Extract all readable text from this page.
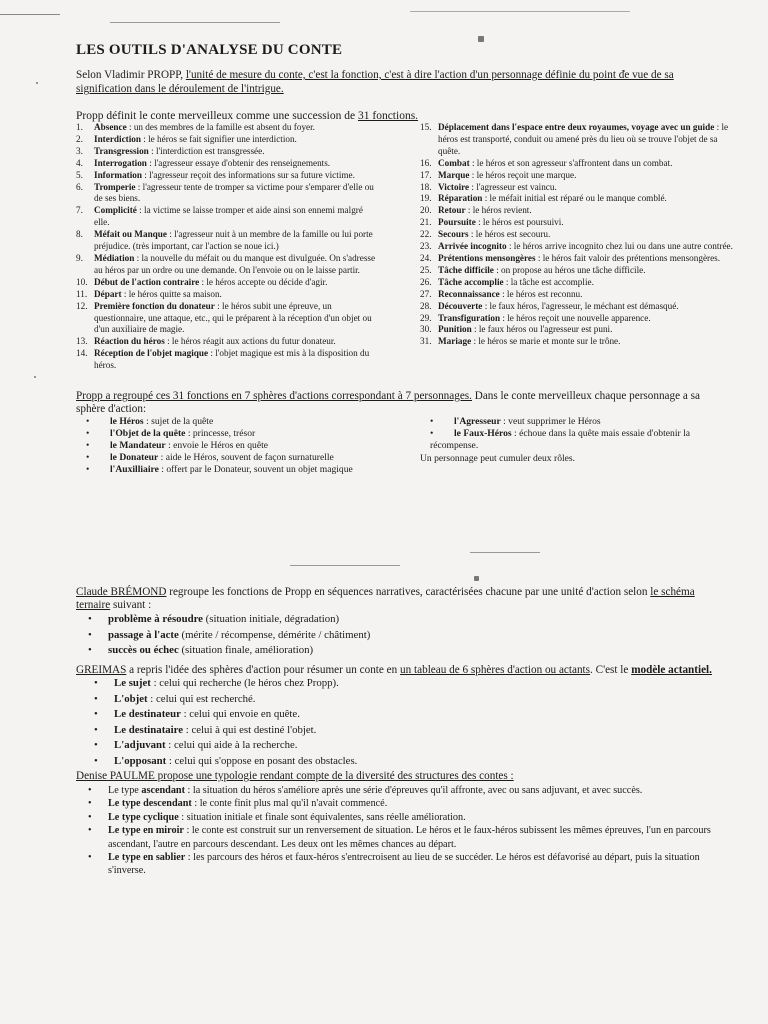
LES OUTILS D'ANALYSE DU CONTE
Selon Vladimir PROPP, l'unité de mesure du conte, c'est la fonction, c'est à dire l'action d'un personnage définie du point de vue de sa signification dans le déroulement de l'intrigue.
Propp définit le conte merveilleux comme une succession de 31 fonctions.
1.	Absence : un des membres de la famille est absent du foyer.
2.	Interdiction : le héros se fait signifier une interdiction.
3.	Transgression : l'interdiction est transgressée.
4.	Interrogation : l'agresseur essaye d'obtenir des renseignements.
5.	Information : l'agresseur reçoit des informations sur sa future victime.
6.	Tromperie : l'agresseur tente de tromper sa victime pour s'emparer d'elle ou de ses biens.
7.	Complicité : la victime se laisse tromper et aide ainsi son ennemi malgré elle.
8.	Méfait ou Manque : l'agresseur nuit à un membre de la famille ou lui porte préjudice. (très important, car l'action se noue ici.)
9.	Médiation : la nouvelle du méfait ou du manque est divulguée. On s'adresse au héros par un ordre ou une demande. On l'envoie ou on le laisse partir.
10. Début de l'action contraire : le héros accepte ou décide d'agir.
11. Départ : le héros quitte sa maison.
12. Première fonction du donateur : le héros subit une épreuve, un questionnaire, une attaque, etc., qui le préparent à la réception d'un objet ou d'un auxiliaire de magie.
13. Réaction du héros : le héros réagit aux actions du futur donateur.
14. Réception de l'objet magique : l'objet magique est mis à la disposition du héros.
15. Déplacement dans l'espace entre deux royaumes, voyage avec un guide : le héros est transporté, conduit ou amené près du lieu où se trouve l'objet de sa quête.
16. Combat : le héros et son agresseur s'affrontent dans un combat.
17. Marque : le héros reçoit une marque.
18. Victoire : l'agresseur est vaincu.
19. Réparation : le méfait initial est réparé ou le manque comblé.
20. Retour : le héros revient.
21. Poursuite : le héros est poursuivi.
22. Secours : le héros est secouru.
23. Arrivée incognito : le héros arrive incognito chez lui ou dans une autre contrée.
24. Prétentions mensongères : le héros fait valoir des prétentions mensongères.
25. Tâche difficile : on propose au héros une tâche difficile.
26. Tâche accomplie : la tâche est accomplie.
27. Reconnaissance : le héros est reconnu.
28. Découverte : le faux héros, l'agresseur, le méchant est démasqué.
29. Transfiguration : le héros reçoit une nouvelle apparence.
30. Punition : le faux héros ou l'agresseur est puni.
31. Mariage : le héros se marie et monte sur le trône.
Propp a regroupé ces 31 fonctions en 7 sphères d'actions correspondant à 7 personnages. Dans le conte merveilleux chaque personnage a sa sphère d'action:
• le Héros : sujet de la quête
• l'Objet de la quête : princesse, trésor
• le Mandateur : envoie le Héros en quête
• le Donateur : aide le Héros, souvent de façon surnaturelle
• l'Auxilliaire : offert par le Donateur, souvent un objet magique
• l'Agresseur : veut supprimer le Héros
• le Faux-Héros : échoue dans la quête mais essaie d'obtenir la récompense.
Un personnage peut cumuler deux rôles.
Claude BRÉMOND regroupe les fonctions de Propp en séquences narratives, caractérisées chacune par une unité d'action selon le schéma ternaire suivant :
• problème à résoudre (situation initiale, dégradation)
• passage à l'acte (mérite / récompense, démérite / châtiment)
• succès ou échec (situation finale, amélioration)
GREIMAS a repris l'idée des sphères d'action pour résumer un conte en un tableau de 6 sphères d'action ou actants. C'est le modèle actantiel.
• Le sujet : celui qui recherche (le héros chez Propp).
• L'objet : celui qui est recherché.
• Le destinateur : celui qui envoie en quête.
• Le destinataire : celui à qui est destiné l'objet.
• L'adjuvant : celui qui aide à la recherche.
• L'opposant : celui qui s'oppose en posant des obstacles.
Denise PAULME propose une typologie rendant compte de la diversité des structures des contes :
• Le type ascendant : la situation du héros s'améliore après une série d'épreuves qu'il affronte, avec ou sans adjuvant, et avec succès.
• Le type descendant : le conte finit plus mal qu'il n'avait commencé.
• Le type cyclique : situation initiale et finale sont équivalentes, sans réelle amélioration.
• Le type en miroir : le conte est construit sur un renversement de situation. Le héros et le faux-héros subissent les mêmes épreuves, l'un en parcours ascendant, l'autre en parcours descendant. Les deux ont les mêmes chances au départ.
• Le type en sablier : les parcours des héros et faux-héros s'entrecroisent au lieu de se succéder. Le héros est défavorisé au départ, puis la situation s'inverse.
